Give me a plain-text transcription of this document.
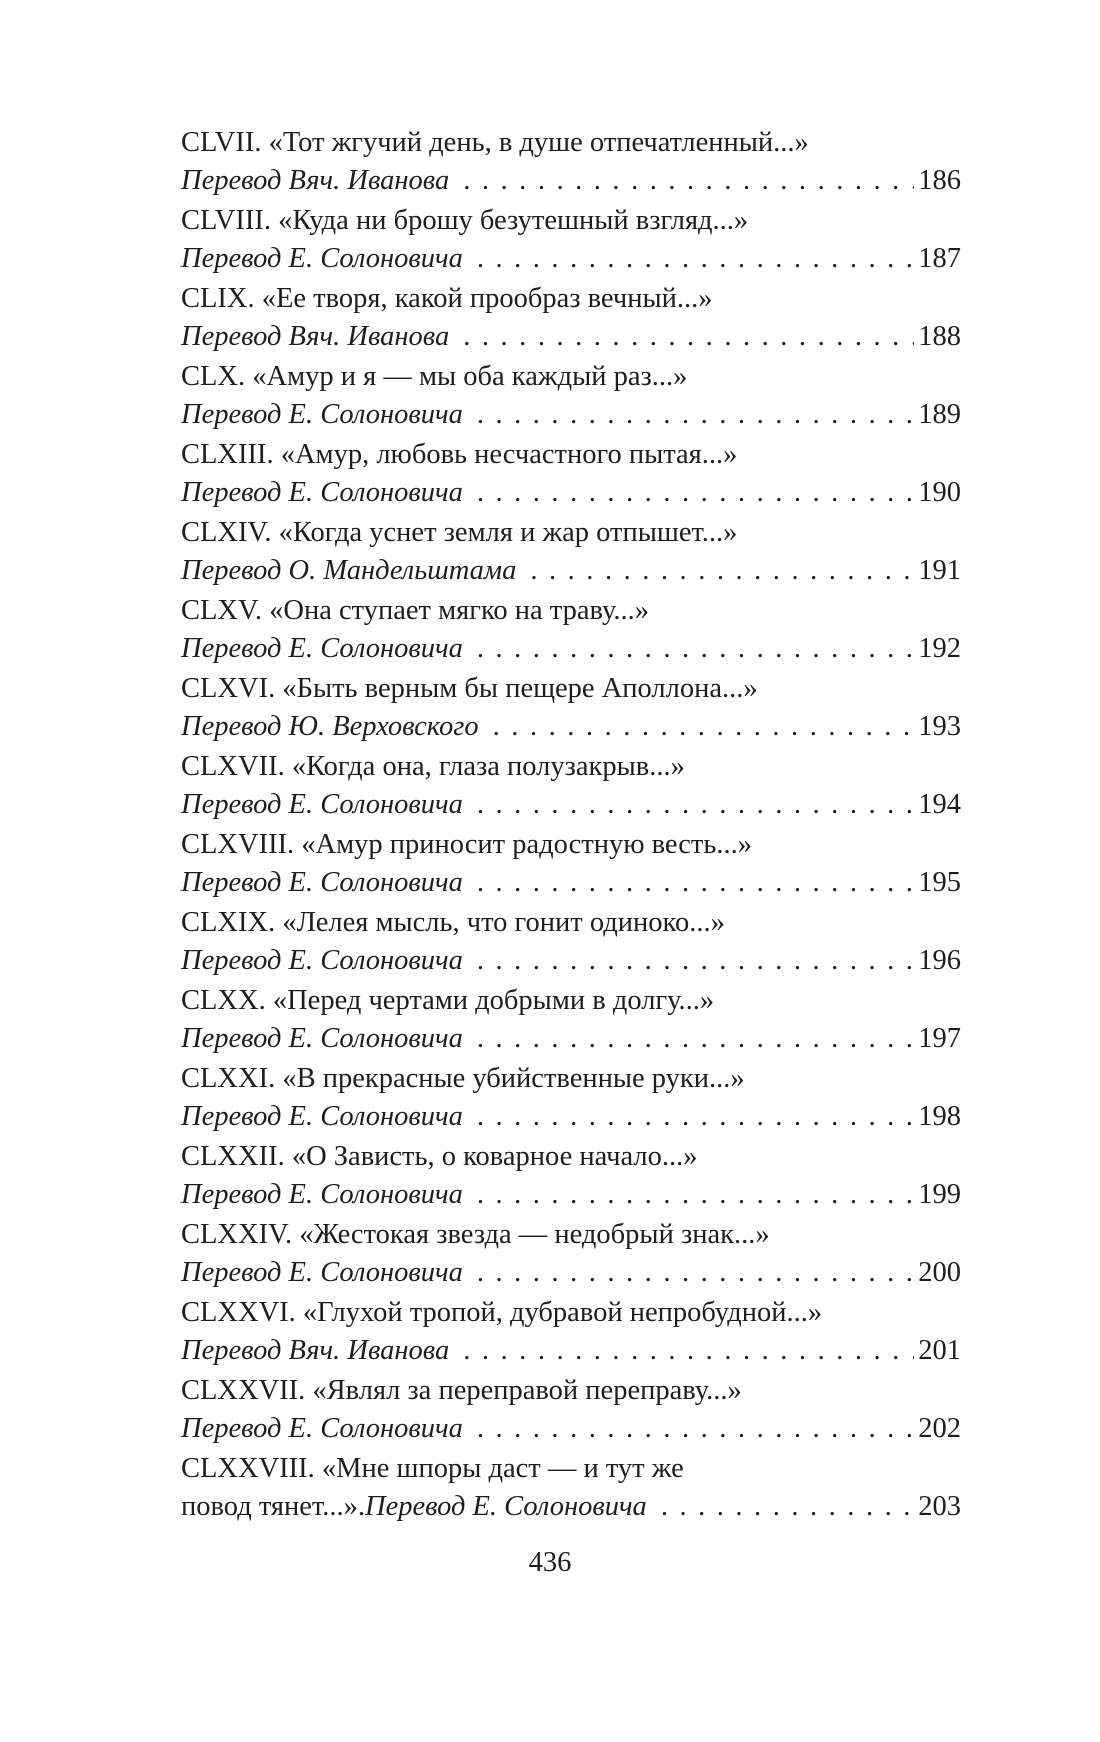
CLVII. «Тот жгучий день, в душе отпечатленный...»
Перевод Вяч. Иванова . . .	186
CLVIII. «Куда ни брошу безутешный взгляд...»
Перевод Е. Солоновича . . .	187
CLIX. «Ее творя, какой прообраз вечный...»
Перевод Вяч. Иванова . . .	188
CLX. «Амур и я — мы оба каждый раз...»
Перевод Е. Солоновича . . .	189
CLXIII. «Амур, любовь несчастного пытая...»
Перевод Е. Солоновича . . .	190
CLXIV. «Когда уснет земля и жар отпышет...»
Перевод О. Мандельштама . . .	191
CLXV. «Она ступает мягко на траву...»
Перевод Е. Солоновича . . .	192
CLXVI. «Быть верным бы пещере Аполлона...»
Перевод Ю. Верховского . . .	193
CLXVII. «Когда она, глаза полузакрыв...»
Перевод Е. Солоновича . . .	194
CLXVIII. «Амур приносит радостную весть...»
Перевод Е. Солоновича . . .	195
CLXIX. «Лелея мысль, что гонит одиноко...»
Перевод Е. Солоновича . . .	196
CLXX. «Перед чертами добрыми в долгу...»
Перевод Е. Солоновича . . .	197
CLXXI. «В прекрасные убийственные руки...»
Перевод Е. Солоновича . . .	198
CLXXII. «О Зависть, о коварное начало...»
Перевод Е. Солоновича . . .	199
CLXXIV. «Жестокая звезда — недобрый знак...»
Перевод Е. Солоновича . . .	200
CLXXVI. «Глухой тропой, дубравой непробудной...»
Перевод Вяч. Иванова . . .	201
CLXXVII. «Являл за переправой переправу...»
Перевод Е. Солоновича . . .	202
CLXXVIII. «Мне шпоры даст — и тут же
повод тянет...». Перевод Е. Солоновича . . .	203
436
